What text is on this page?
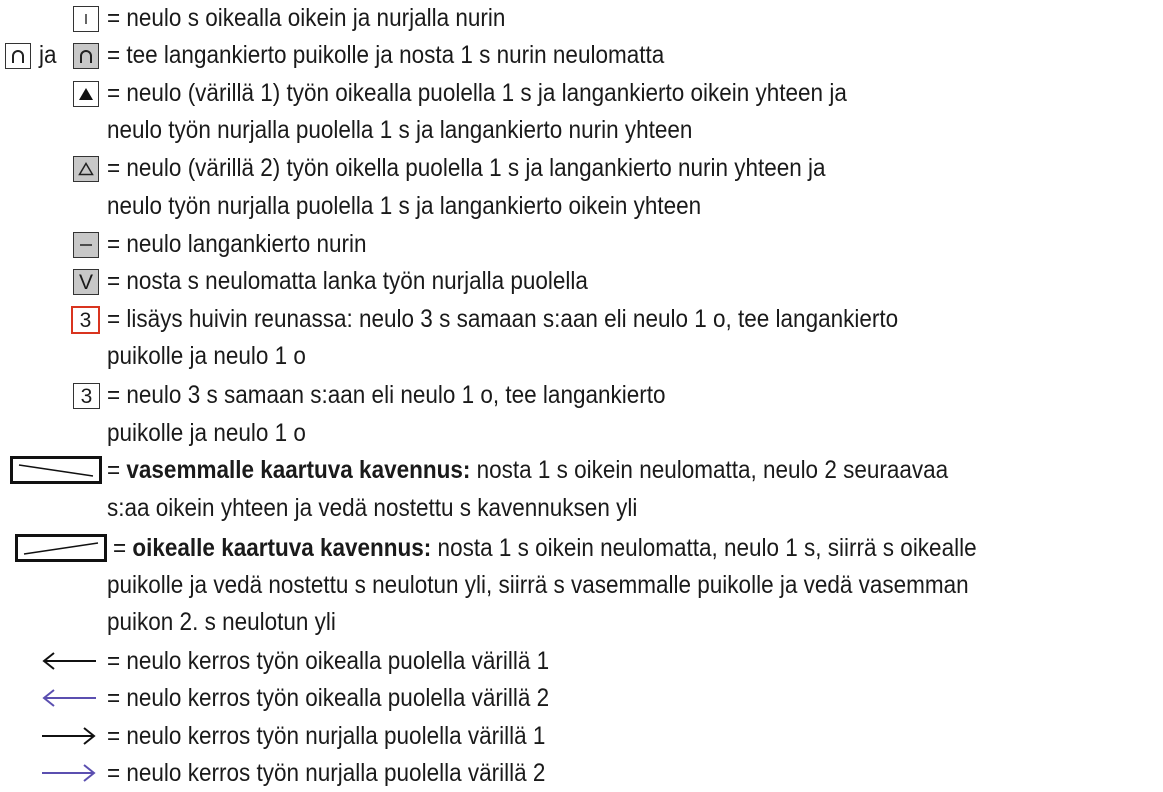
= neulo s oikealla oikein ja nurjalla nurin
ja = tee langankierto puikolle ja nosta 1 s nurin neulomatta
= neulo (värillä 1) työn oikealla puolella 1 s ja langankierto oikein yhteen ja
neulo työn nurjalla puolella 1 s ja langankierto nurin yhteen
= neulo (värillä 2) työn oikella puolella 1 s ja langankierto nurin yhteen ja
neulo työn nurjalla puolella 1 s ja langankierto oikein yhteen
= neulo langankierto nurin
V = nosta s neulomatta lanka työn nurjalla puolella
3 = lisäys huivin reunassa: neulo 3 s samaan s:aan eli neulo 1 o, tee langankierto
puikolle ja neulo 1 o
3 = neulo 3 s samaan s:aan eli neulo 1 o, tee langankierto
puikolle ja neulo 1 o
= vasemmalle kaartuva kavennus: nosta 1 s oikein neulomatta, neulo 2 seuraavaa
s:aa oikein yhteen ja vedä nostettu s kavennuksen yli
= oikealle kaartuva kavennus: nosta 1 s oikein neulomatta, neulo 1 s, siirrä s oikealle
puikolle ja vedä nostettu s neulotun yli, siirrä s vasemmalle puikolle ja vedä vasemman
puikon 2. s neulotun yli
= neulo kerros työn oikealla puolella värillä 1
= neulo kerros työn oikealla puolella värillä 2
= neulo kerros työn nurjalla puolella värillä 1
= neulo kerros työn nurjalla puolella värillä 2
